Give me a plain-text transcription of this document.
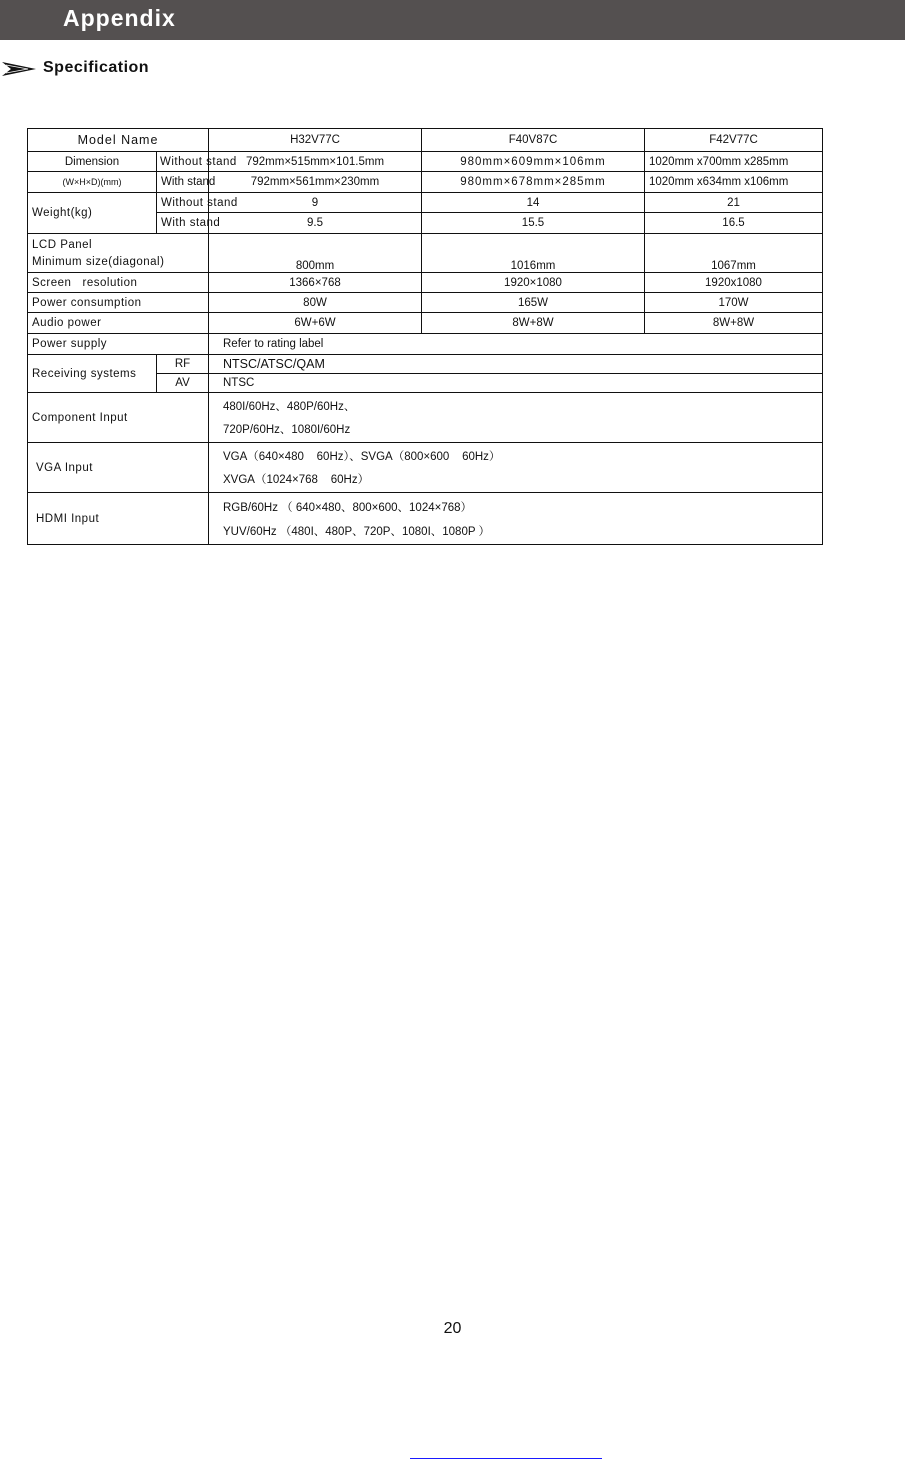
Appendix
Specification
Model Name		H32V77C	F40V87C	F42V77C
Dimension	Without stand	792mm×515mm×101.5mm	980mm×609mm×106mm	1020mm x700mm x285mm
(W×H×D)(mm)	With stand	792mm×561mm×230mm	980mm×678mm×285mm	1020mm x634mm x106mm
Weight(kg)	Without stand	9	14	21
	With stand	9.5	15.5	16.5

LCD Panel
Minimum size(diagonal)		800mm	1016mm	1067mm
Screen   resolution		1366×768	1920×1080	1920x1080
Power consumption		80W	165W	170W
Audio power		6W+6W	8W+8W	8W+8W
Power supply		Refer to rating label		
Receiving systems	RF	NTSC/ATSC/QAM		
	AV	NTSC		
Component Input		480I/60Hz、480P/60Hz、
720P/60Hz、1080I/60Hz		

VGA Input		VGA（640×480    60Hz）、SVGA（800×600    60Hz）
XVGA（1024×768    60Hz）		

HDMI Input		RGB/60Hz （ 640×480、800×600、1024×768）
YUV/60Hz （480I、480P、720P、1080I、1080P ）		
20
